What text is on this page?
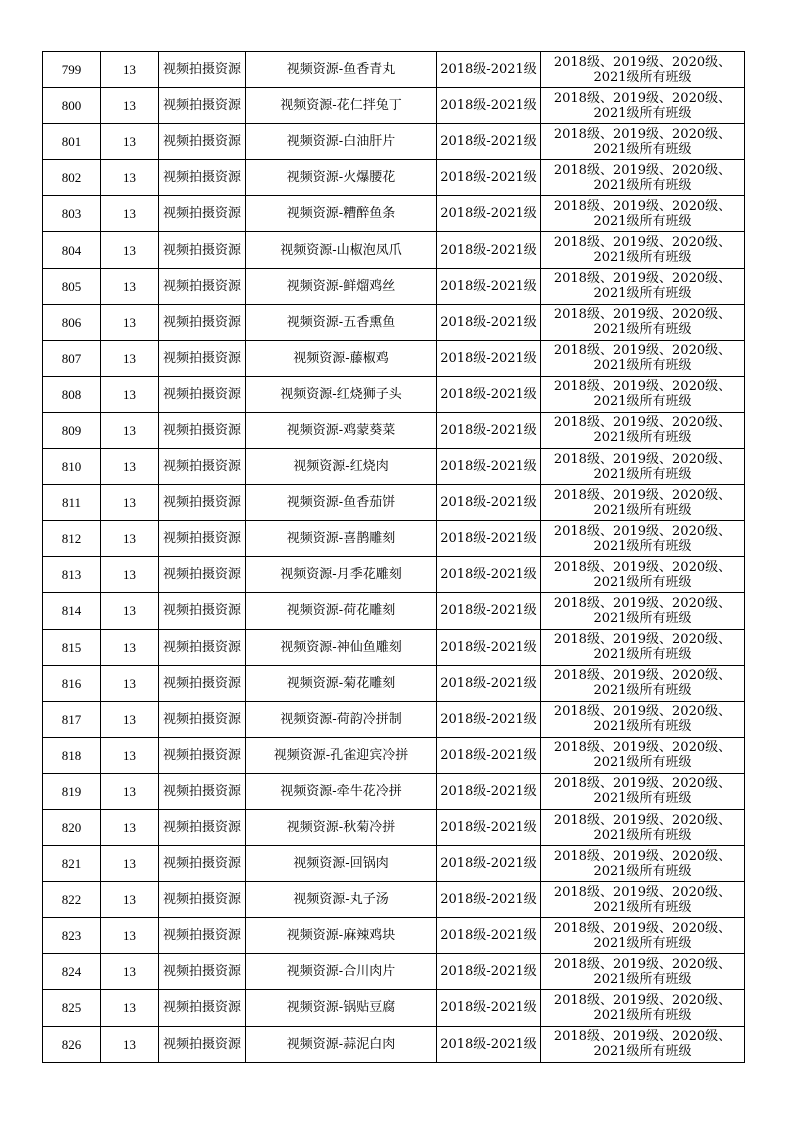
799	13	视频拍摄资源	视频资源-鱼香青丸	2018级-2021级	2018级、2019级、2020级、
2021级所有班级

800	13	视频拍摄资源	视频资源-花仁拌兔丁	2018级-2021级	2018级、2019级、2020级、
2021级所有班级

801	13	视频拍摄资源	视频资源-白油肝片	2018级-2021级	2018级、2019级、2020级、
2021级所有班级

802	13	视频拍摄资源	视频资源-火爆腰花	2018级-2021级	2018级、2019级、2020级、
2021级所有班级

803	13	视频拍摄资源	视频资源-糟醉鱼条	2018级-2021级	2018级、2019级、2020级、
2021级所有班级

804	13	视频拍摄资源	视频资源-山椒泡凤爪	2018级-2021级	2018级、2019级、2020级、
2021级所有班级

805	13	视频拍摄资源	视频资源-鲜熘鸡丝	2018级-2021级	2018级、2019级、2020级、
2021级所有班级

806	13	视频拍摄资源	视频资源-五香熏鱼	2018级-2021级	2018级、2019级、2020级、
2021级所有班级

807	13	视频拍摄资源	视频资源-藤椒鸡	2018级-2021级	2018级、2019级、2020级、
2021级所有班级

808	13	视频拍摄资源	视频资源-红烧狮子头	2018级-2021级	2018级、2019级、2020级、
2021级所有班级

809	13	视频拍摄资源	视频资源-鸡蒙葵菜	2018级-2021级	2018级、2019级、2020级、
2021级所有班级

810	13	视频拍摄资源	视频资源-红烧肉	2018级-2021级	2018级、2019级、2020级、
2021级所有班级

811	13	视频拍摄资源	视频资源-鱼香茄饼	2018级-2021级	2018级、2019级、2020级、
2021级所有班级

812	13	视频拍摄资源	视频资源-喜鹊雕刻	2018级-2021级	2018级、2019级、2020级、
2021级所有班级

813	13	视频拍摄资源	视频资源-月季花雕刻	2018级-2021级	2018级、2019级、2020级、
2021级所有班级

814	13	视频拍摄资源	视频资源-荷花雕刻	2018级-2021级	2018级、2019级、2020级、
2021级所有班级

815	13	视频拍摄资源	视频资源-神仙鱼雕刻	2018级-2021级	2018级、2019级、2020级、
2021级所有班级

816	13	视频拍摄资源	视频资源-菊花雕刻	2018级-2021级	2018级、2019级、2020级、
2021级所有班级

817	13	视频拍摄资源	视频资源-荷韵冷拼制	2018级-2021级	2018级、2019级、2020级、
2021级所有班级

818	13	视频拍摄资源	视频资源-孔雀迎宾冷拼	2018级-2021级	2018级、2019级、2020级、
2021级所有班级

819	13	视频拍摄资源	视频资源-牵牛花冷拼	2018级-2021级	2018级、2019级、2020级、
2021级所有班级

820	13	视频拍摄资源	视频资源-秋菊冷拼	2018级-2021级	2018级、2019级、2020级、
2021级所有班级

821	13	视频拍摄资源	视频资源-回锅肉	2018级-2021级	2018级、2019级、2020级、
2021级所有班级

822	13	视频拍摄资源	视频资源-丸子汤	2018级-2021级	2018级、2019级、2020级、
2021级所有班级

823	13	视频拍摄资源	视频资源-麻辣鸡块	2018级-2021级	2018级、2019级、2020级、
2021级所有班级

824	13	视频拍摄资源	视频资源-合川肉片	2018级-2021级	2018级、2019级、2020级、
2021级所有班级

825	13	视频拍摄资源	视频资源-锅贴豆腐	2018级-2021级	2018级、2019级、2020级、
2021级所有班级

826	13	视频拍摄资源	视频资源-蒜泥白肉	2018级-2021级	2018级、2019级、2020级、
2021级所有班级
